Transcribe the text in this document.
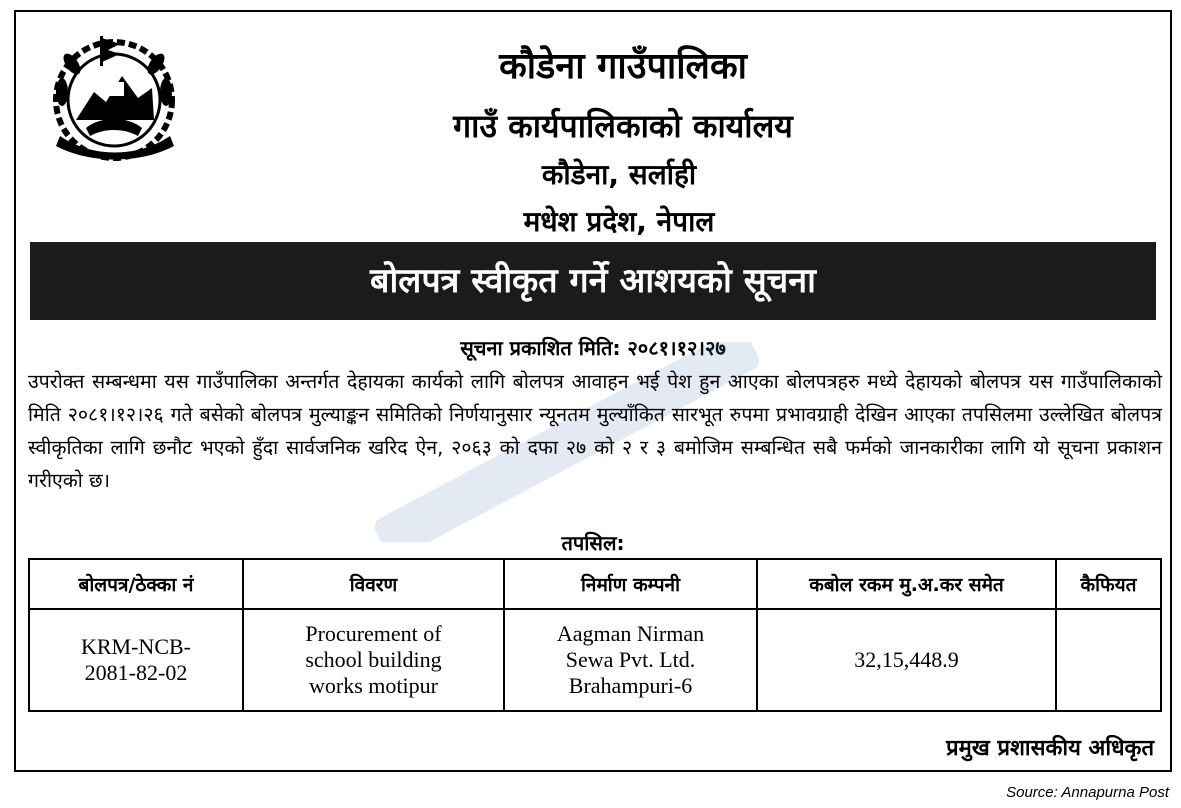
कौडेना गाउँपालिका
गाउँ कार्यपालिकाको कार्यालय
कौडेना, सर्लाही
मधेश प्रदेश, नेपाल
बोलपत्र स्वीकृत गर्ने आशयको सूचना
सूचना प्रकाशित मिति: २०८१।१२।२७
उपरोक्त सम्बन्धमा यस गाउँपालिका अन्तर्गत देहायका कार्यको लागि बोलपत्र आवाहन भई पेश हुन आएका बोलपत्रहरु मध्ये देहायको बोलपत्र यस गाउँपालिकाको मिति २०८१।१२।२६ गते बसेको बोलपत्र मुल्याङ्कन समितिको निर्णयानुसार न्यूनतम मुल्याँकित सारभूत रुपमा प्रभावग्राही देखिन आएका तपसिलमा उल्लेखित बोलपत्र स्वीकृतिका लागि छनौट भएको हुँदा सार्वजनिक खरिद ऐन, २०६३ को दफा २७ को २ र ३ बमोजिम सम्बन्धित सबै फर्मको जानकारीका लागि यो सूचना प्रकाशन गरीएको छ।
तपसिल:
बोलपत्र/ठेक्का नं	विवरण	निर्माण कम्पनी	कबोल रकम मु.अ.कर समेत	कैफियत
KRM-NCB-2081-82-02	Procurement of school building works motipur	Aagman Nirman Sewa Pvt. Ltd. Brahampuri-6	32,15,448.9	
प्रमुख प्रशासकीय अधिकृत
Source: Annapurna Post
